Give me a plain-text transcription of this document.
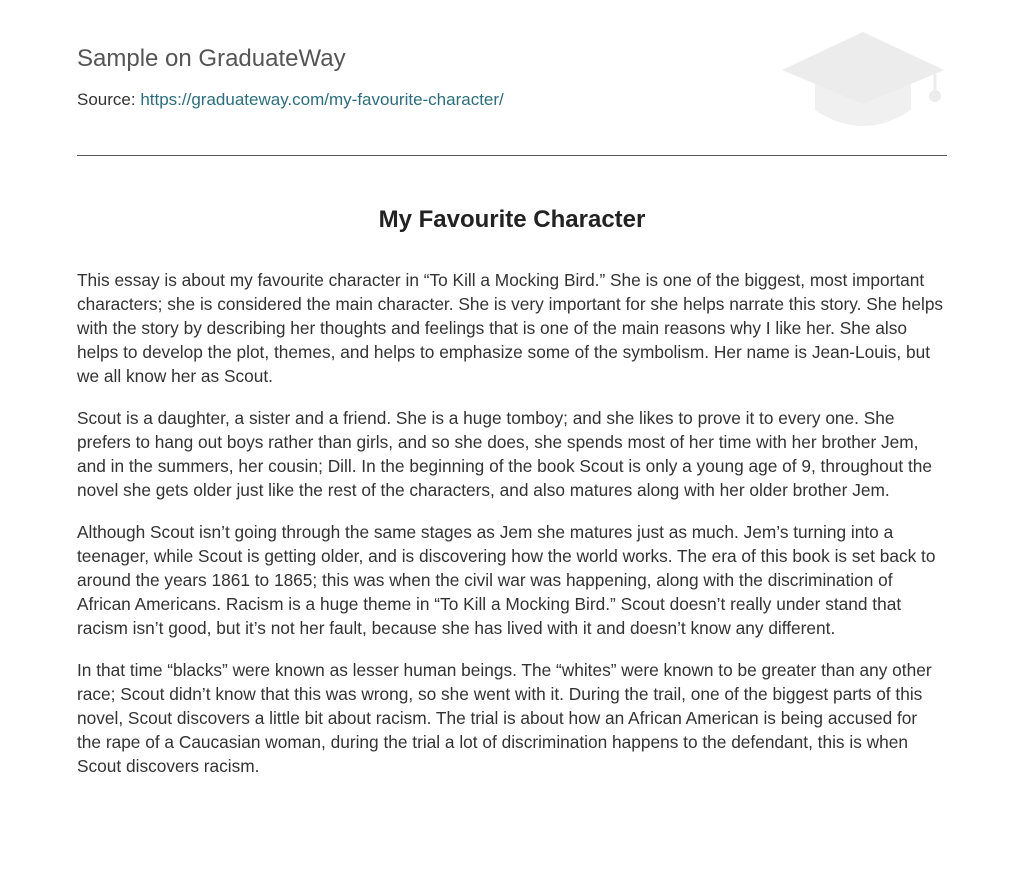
Sample on GraduateWay
Source: https://graduateway.com/my-favourite-character/
My Favourite Character

This essay is about my favourite character in “To Kill a Mocking Bird.” She is one of the biggest, most important characters; she is considered the main character. She is very important for she helps narrate this story. She helps with the story by describing her thoughts and feelings that is one of the main reasons why I like her. She also helps to develop the plot, themes, and helps to emphasize some of the symbolism. Her name is Jean-Louis, but we all know her as Scout.

Scout is a daughter, a sister and a friend. She is a huge tomboy; and she likes to prove it to every one. She prefers to hang out boys rather than girls, and so she does, she spends most of her time with her brother Jem, and in the summers, her cousin; Dill. In the beginning of the book Scout is only a young age of 9, throughout the novel she gets older just like the rest of the characters, and also matures along with her older brother Jem.

Although Scout isn’t going through the same stages as Jem she matures just as much. Jem’s turning into a teenager, while Scout is getting older, and is discovering how the world works. The era of this book is set back to around the years 1861 to 1865; this was when the civil war was happening, along with the discrimination of African Americans. Racism is a huge theme in “To Kill a Mocking Bird.” Scout doesn’t really under stand that racism isn’t good, but it’s not her fault, because she has lived with it and doesn’t know any different.

In that time “blacks” were known as lesser human beings. The “whites” were known to be greater than any other race; Scout didn’t know that this was wrong, so she went with it. During the trail, one of the biggest parts of this novel, Scout discovers a little bit about racism. The trial is about how an African American is being accused for the rape of a Caucasian woman, during the trial a lot of discrimination happens to the defendant, this is when Scout discovers racism.
